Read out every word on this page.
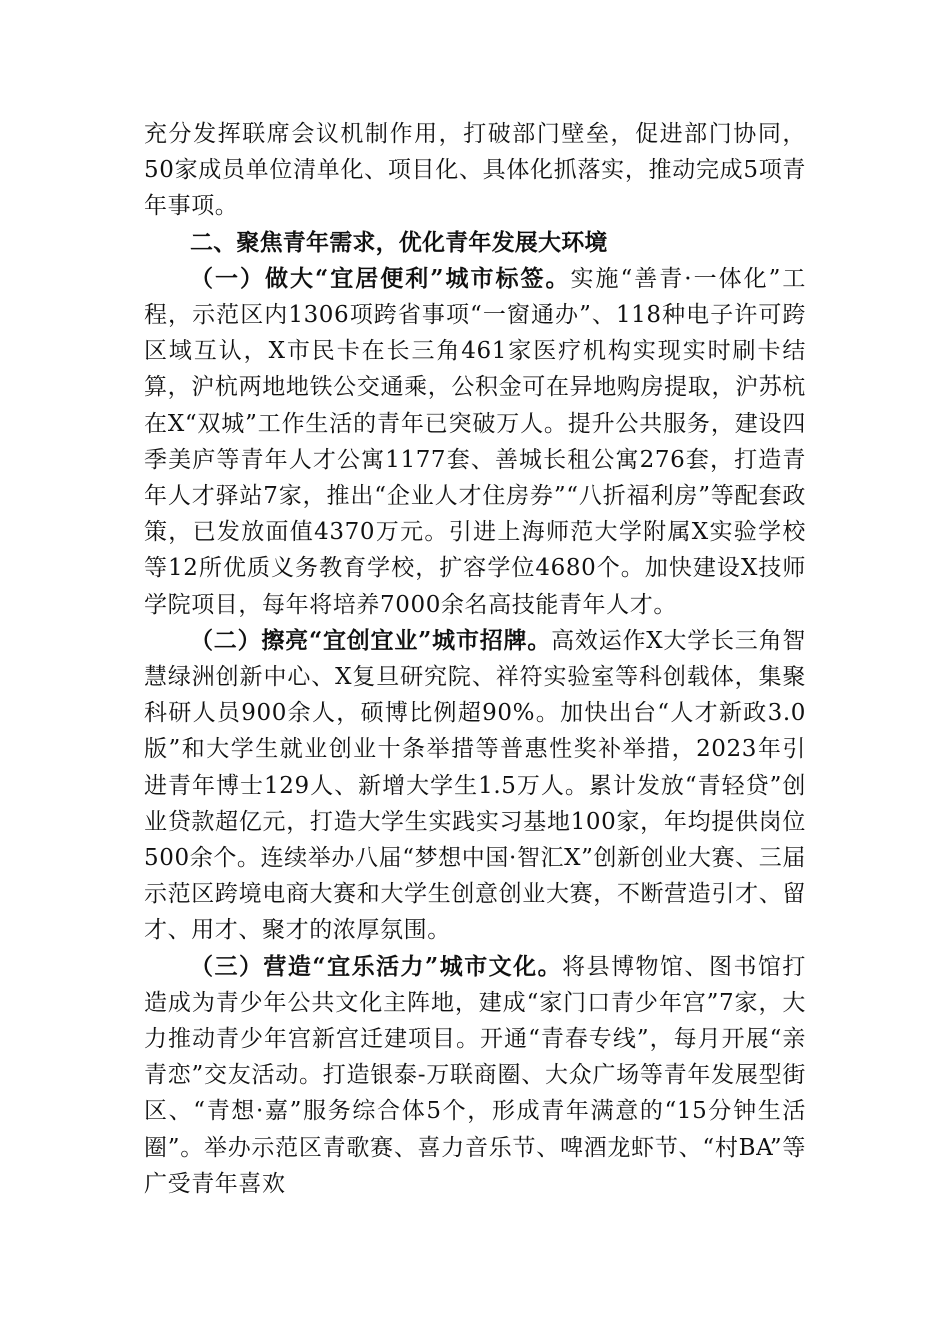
充分发挥联席会议机制作用，打破部门壁垒，促进部门协同，50家成员单位清单化、项目化、具体化抓落实，推动完成5项青年事项。

二、聚焦青年需求，优化青年发展大环境

（一）做大“宜居便利”城市标签。实施“善青·一体化”工程，示范区内1306项跨省事项“一窗通办”、118种电子许可跨区域互认，X市民卡在长三角461家医疗机构实现实时刷卡结算，沪杭两地地铁公交通乘，公积金可在异地购房提取，沪苏杭在X“双城”工作生活的青年已突破万人。提升公共服务，建设四季美庐等青年人才公寓1177套、善城长租公寓276套，打造青年人才驿站7家，推出“企业人才住房券”“八折福利房”等配套政策，已发放面值4370万元。引进上海师范大学附属X实验学校等12所优质义务教育学校，扩容学位4680个。加快建设X技师学院项目，每年将培养7000余名高技能青年人才。

（二）擦亮“宜创宜业”城市招牌。高效运作X大学长三角智慧绿洲创新中心、X复旦研究院、祥符实验室等科创载体，集聚科研人员900余人，硕博比例超90%。加快出台“人才新政3.0版”和大学生就业创业十条举措等普惠性奖补举措，2023年引进青年博士129人、新增大学生1.5万人。累计发放“青轻贷”创业贷款超亿元，打造大学生实践实习基地100家，年均提供岗位500余个。连续举办八届“梦想中国·智汇X”创新创业大赛、三届示范区跨境电商大赛和大学生创意创业大赛，不断营造引才、留才、用才、聚才的浓厚氛围。

（三）营造“宜乐活力”城市文化。将县博物馆、图书馆打造成为青少年公共文化主阵地，建成“家门口青少年宫”7家，大力推动青少年宫新宫迁建项目。开通“青春专线”，每月开展“亲青恋”交友活动。打造银泰-万联商圈、大众广场等青年发展型街区、“青想·嘉”服务综合体5个，形成青年满意的“15分钟生活圈”。举办示范区青歌赛、喜力音乐节、啤酒龙虾节、“村BA”等广受青年喜欢
